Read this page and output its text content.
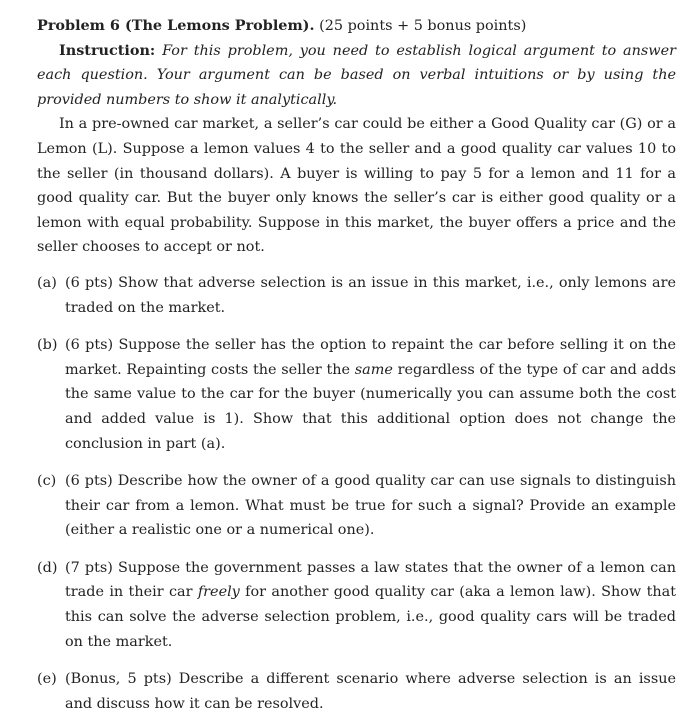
Problem 6 (The Lemons Problem). (25 points + 5 bonus points)

Instruction: For this problem, you need to establish logical argument to answer each question. Your argument can be based on verbal intuitions or by using the provided numbers to show it analytically.

In a pre-owned car market, a seller’s car could be either a Good Quality car (G) or a Lemon (L). Suppose a lemon values 4 to the seller and a good quality car values 10 to the seller (in thousand dollars). A buyer is willing to pay 5 for a lemon and 11 for a good quality car. But the buyer only knows the seller’s car is either good quality or a lemon with equal probability. Suppose in this market, the buyer offers a price and the seller chooses to accept or not.

(a) (6 pts) Show that adverse selection is an issue in this market, i.e., only lemons are traded on the market.
(b) (6 pts) Suppose the seller has the option to repaint the car before selling it on the market. Repainting costs the seller the same regardless of the type of car and adds the same value to the car for the buyer (numerically you can assume both the cost and added value is 1). Show that this additional option does not change the conclusion in part (a).
(c) (6 pts) Describe how the owner of a good quality car can use signals to distinguish their car from a lemon. What must be true for such a signal? Provide an example (either a realistic one or a numerical one).
(d) (7 pts) Suppose the government passes a law states that the owner of a lemon can trade in their car freely for another good quality car (aka a lemon law). Show that this can solve the adverse selection problem, i.e., good quality cars will be traded on the market.
(e) (Bonus, 5 pts) Describe a different scenario where adverse selection is an issue and discuss how it can be resolved.
